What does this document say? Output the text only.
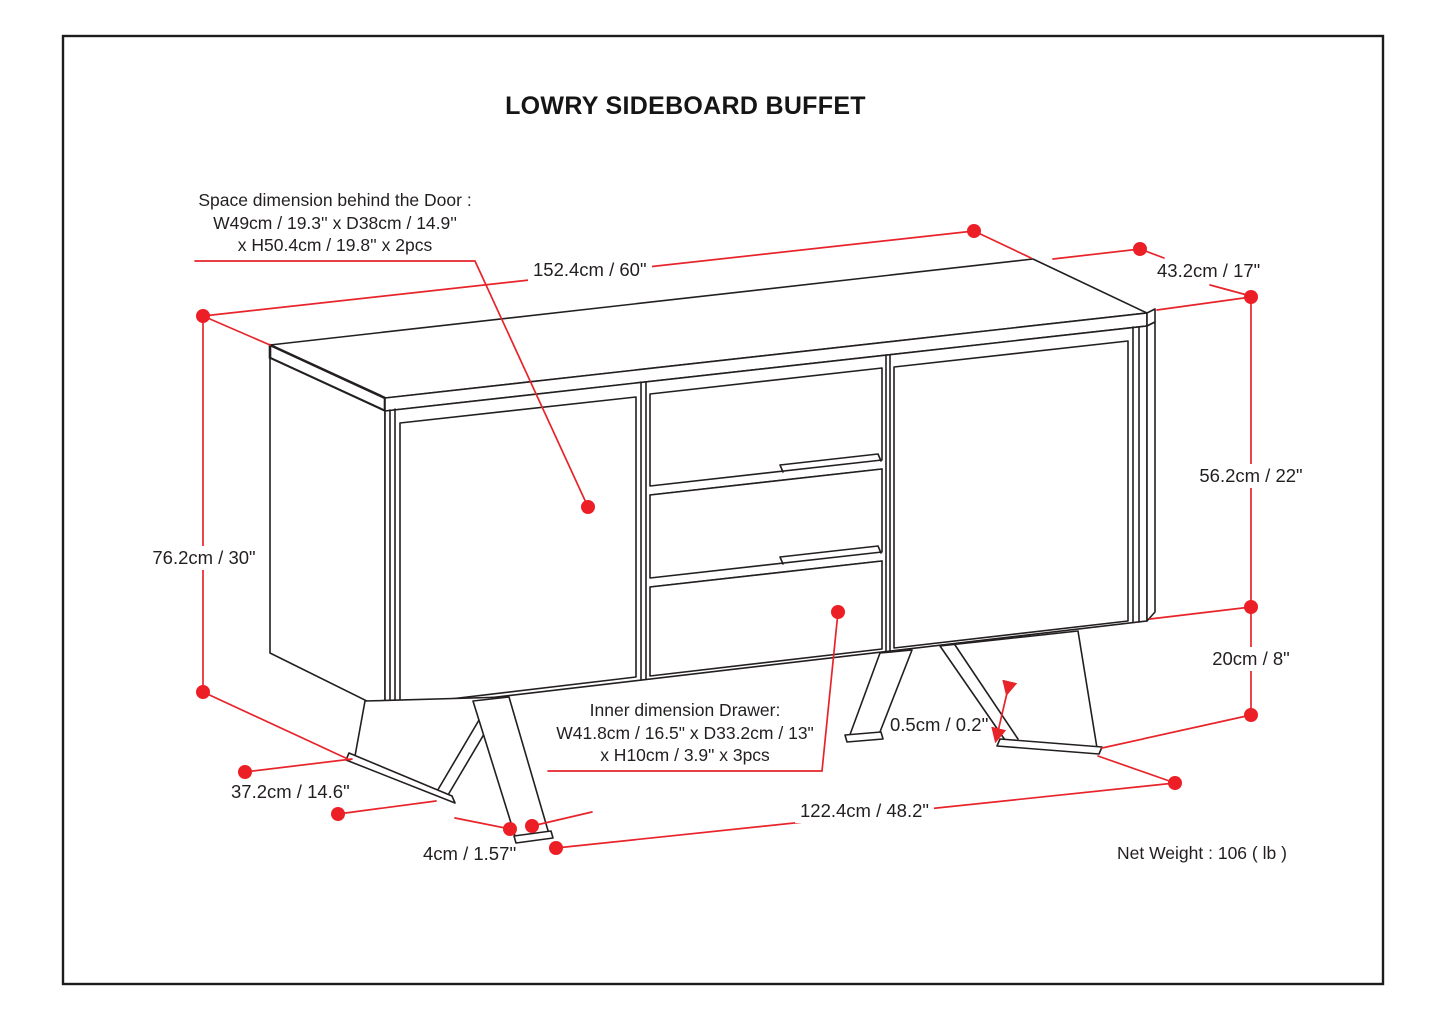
LOWRY SIDEBOARD BUFFET
Space dimension behind the Door :
W49cm / 19.3'' x D38cm / 14.9''
x H50.4cm / 19.8'' x 2pcs
Inner dimension Drawer:
W41.8cm / 16.5" x D33.2cm / 13"
x H10cm / 3.9" x 3pcs
152.4cm / 60"	43.2cm / 17"
56.2cm / 22"
20cm / 8"
76.2cm / 30"
37.2cm / 14.6"
4cm / 1.57''
122.4cm / 48.2"
0.5cm / 0.2''
Net Weight : 106 ( lb )
